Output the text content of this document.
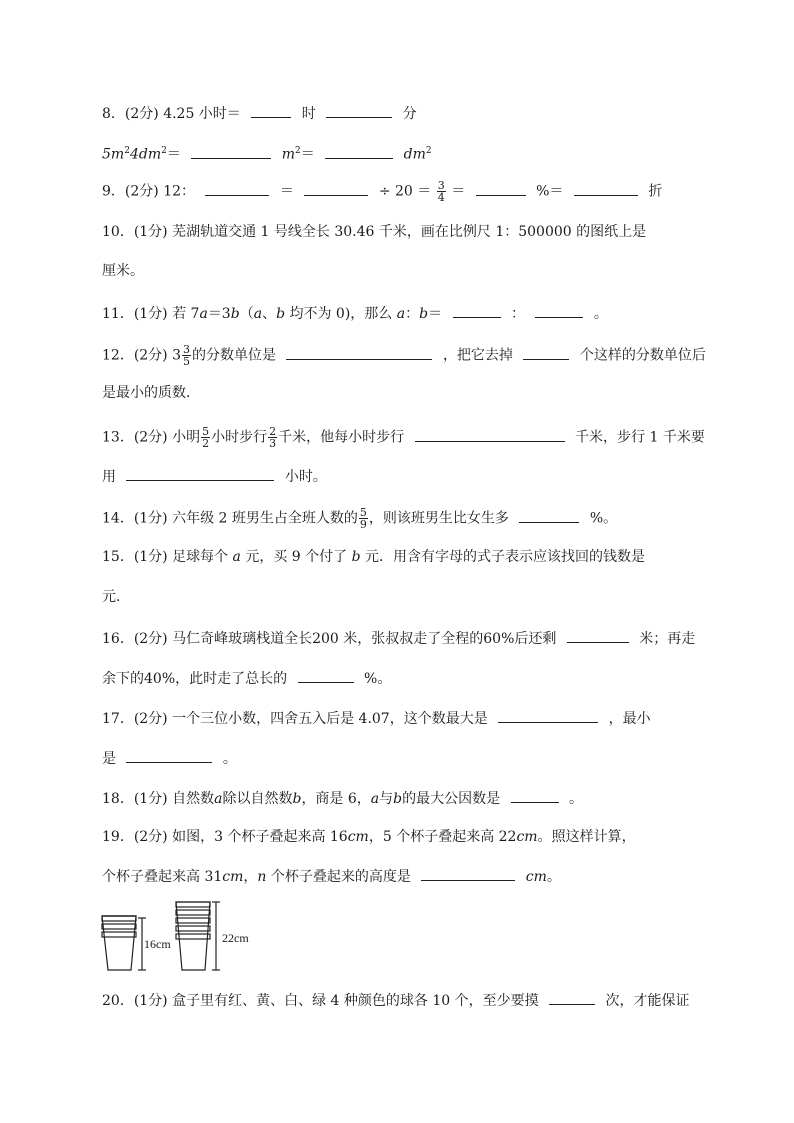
8．(2分) 4.25 小时＝	时	分
$5m^24dm^2=$	$m^2=$	$dm^2$
9．(2分) 12：	＝	÷ $20 = \frac{3}{4}$ ＝	%＝	折
10．(1分) 芜湖轨道交通 1 号线全长 30.46 千米，画在比例尺 1：500000 的图纸上是
厘米。
11．(1分) 若 7a＝3b（a、b 均不为 0)，那么 a：b＝	：	。
12．(2分) $3 \frac{3}{5}$ 的分数单位是	，把它去掉	个这样的分数单位后
是最小的质数．
13．(2分) 小明 $\frac{5}{2}$ 小时步行 $\frac{2}{3}$ 千米，他每小时步行	千米，步行 1 千米要
用	小时。
14．(1分) 六年级 2 班男生占全班人数的 $\frac{5}{9}$ ，则该班男生比女生多	%。
15．(1分) 足球每个 a 元，买 9 个付了 b 元．用含有字母的式子表示应该找回的钱数是
元．
16．(2分) 马仁奇峰玻璃栈道全长200 米，张叔叔走了全程的60%后还剩	米；再走
余下的40%，此时走了总长的	%。
17．(2分) 一个三位小数，四舍五入后是 4.07，这个数最大是	，最小
是	。
18．(1分) 自然数a除以自然数b，商是 6，a与b的最大公因数是	。
19．(2分) 如图，3 个杯子叠起来高 16cm，5 个杯子叠起来高 22cm。照这样计算，
个杯子叠起来高 31cm，n 个杯子叠起来的高度是	cm。
16cm	22cm
20．(1分) 盒子里有红、黄、白、绿 4 种颜色的球各 10 个，至少要摸	次，才能保证
